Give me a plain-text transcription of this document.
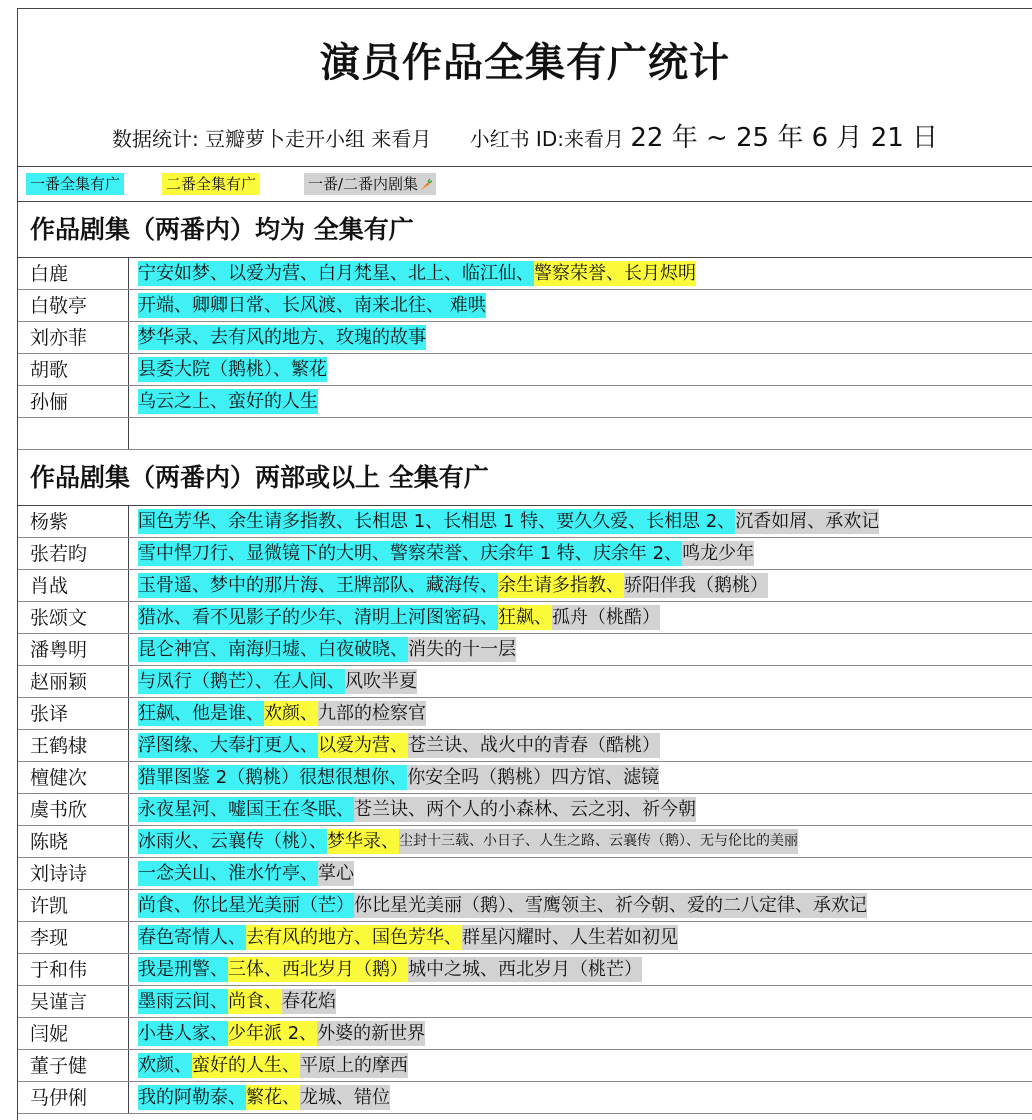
演员作品全集有广统计
数据统计: 豆瓣萝卜走开小组 来看月 小红书 ID:来看月 22 年 ~ 25 年 6 月 21 日
一番全集有广	二番全集有广	一番/二番内剧集
作品剧集（两番内）均为 全集有广
白鹿	宁安如梦、以爱为营、白月梵星、北上、临江仙、 警察荣誉、长月烬明
白敬亭	开端、卿卿日常、长风渡、南来北往、 难哄
刘亦菲	梦华录、去有风的地方、玫瑰的故事
胡歌	县委大院（鹅桃）、繁花
孙俪	乌云之上、蛮好的人生
作品剧集（两番内）两部或以上 全集有广
杨紫	国色芳华、余生请多指教、长相思 1、长相思 1 特、要久久爱、长相思 2、 沉香如屑、承欢记
张若昀	雪中悍刀行、显微镜下的大明、警察荣誉、庆余年 1 特、庆余年 2、 鸣龙少年
肖战	玉骨遥、梦中的那片海、王牌部队、藏海传、 余生请多指教、 骄阳伴我（鹅桃）
张颂文	猎冰、看不见影子的少年、清明上河图密码、 狂飙、 孤舟（桃酷）
潘粤明	昆仑神宫、南海归墟、白夜破晓、 消失的十一层
赵丽颖	与凤行（鹅芒）、在人间、 风吹半夏
张译	狂飙、他是谁、 欢颜、 九部的检察官
王鹤棣	浮图缘、大奉打更人、 以爱为营、 苍兰诀、战火中的青春（酷桃）
檀健次	猎罪图鉴 2（鹅桃）很想很想你、 你安全吗（鹅桃）四方馆、滤镜
虞书欣	永夜星河、嘘国王在冬眠、 苍兰诀、两个人的小森林、云之羽、祈今朝
陈晓	冰雨火、云襄传（桃）、 梦华录、 尘封十三载、小日子、人生之路、云襄传（鹅）、无与伦比的美丽
刘诗诗	一念关山、淮水竹亭、 掌心
许凯	尚食、你比星光美丽（芒） 你比星光美丽（鹅）、雪鹰领主、祈今朝、爱的二八定律、承欢记
李现	春色寄情人、 去有风的地方、国色芳华、 群星闪耀时、人生若如初见
于和伟	我是刑警、 三体、西北岁月（鹅） 城中之城、西北岁月（桃芒）
吴谨言	墨雨云间、 尚食、 春花焰
闫妮	小巷人家、 少年派 2、 外婆的新世界
董子健	欢颜、 蛮好的人生、 平原上的摩西
马伊俐	我的阿勒泰、 繁花、 龙城、错位
